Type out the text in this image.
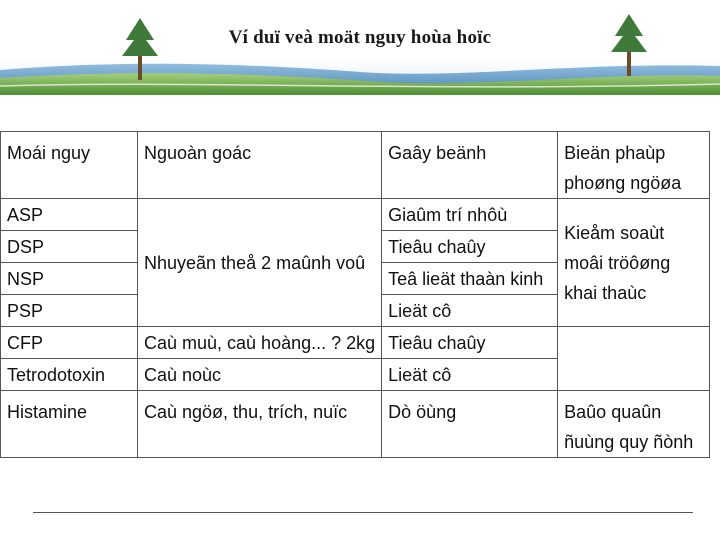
Ví duï veà moät nguy hoùa hoïc
Moái nguy	Nguoàn goác	Gaây beänh	Bieän phaùp phoøng ngöøa
ASP	Nhuyeãn theå 2 maûnh voû	Giaûm trí nhôù	Kieåm soaùt moâi tröôøng khai thaùc
DSP		Tieâu chaûy	
NSP		Teâ lieät thaàn kinh	
PSP		Lieät cô	
CFP	Caù muù, caù hoàng... ? 2kg	Tieâu chaûy	
Tetrodotoxin	Caù noùc	Lieät cô	
Histamine	Caù ngöø, thu, trích, nuïc	Dò öùng	Baûo quaûn ñuùng quy ñònh
